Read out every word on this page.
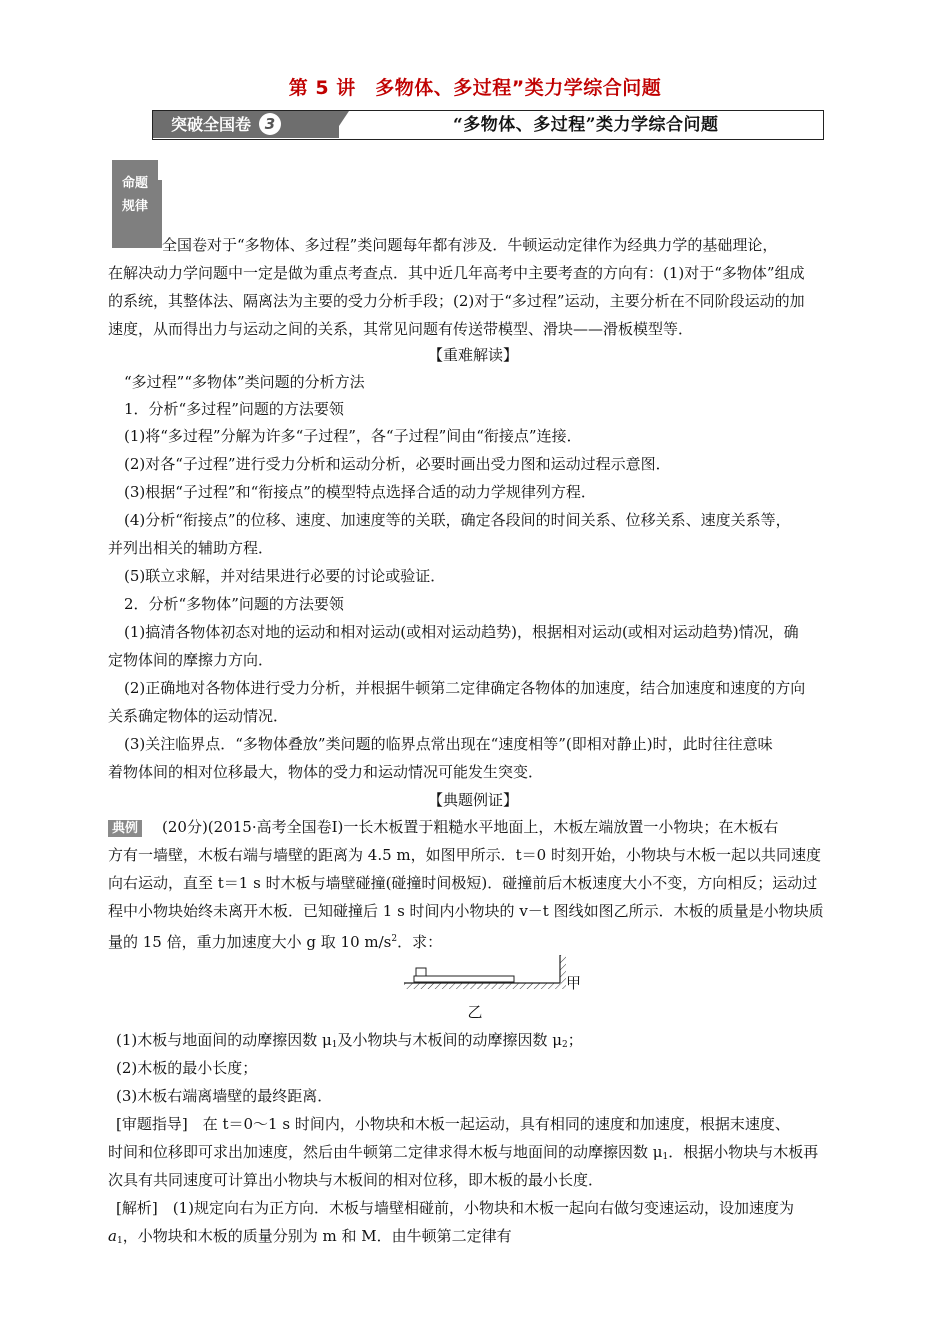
第 5 讲　多物体、多过程”类力学综合问题
突破全国卷 3	“多物体、多过程”类力学综合问题
命题
规律
全国卷对于“多物体、多过程”类问题每年都有涉及．牛顿运动定律作为经典力学的基础理论，
在解决动力学问题中一定是做为重点考查点．其中近几年高考中主要考查的方向有：(1)对于“多物体”组成
的系统，其整体法、隔离法为主要的受力分析手段；(2)对于“多过程”运动，主要分析在不同阶段运动的加
速度，从而得出力与运动之间的关系，其常见问题有传送带模型、滑块——滑板模型等．
【重难解读】
“多过程”“多物体”类问题的分析方法
1．分析“多过程”问题的方法要领
(1)将“多过程”分解为许多“子过程”，各“子过程”间由“衔接点”连接．
(2)对各“子过程”进行受力分析和运动分析，必要时画出受力图和运动过程示意图．
(3)根据“子过程”和“衔接点”的模型特点选择合适的动力学规律列方程．
(4)分析“衔接点”的位移、速度、加速度等的关联，确定各段间的时间关系、位移关系、速度关系等，
并列出相关的辅助方程．
(5)联立求解，并对结果进行必要的讨论或验证．
2．分析“多物体”问题的方法要领
(1)搞清各物体初态对地的运动和相对运动(或相对运动趋势)，根据相对运动(或相对运动趋势)情况，确
定物体间的摩擦力方向．
(2)正确地对各物体进行受力分析，并根据牛顿第二定律确定各物体的加速度，结合加速度和速度的方向
关系确定物体的运动情况．
(3)关注临界点．“多物体叠放”类问题的临界点常出现在“速度相等”(即相对静止)时，此时往往意味
着物体间的相对位移最大，物体的受力和运动情况可能发生突变．
【典题例证】
典例 (20分)(2015·高考全国卷Ⅰ)一长木板置于粗糙水平地面上，木板左端放置一小物块；在木板右
方有一墙壁，木板右端与墙壁的距离为 4.5 m，如图甲所示．t＝0 时刻开始，小物块与木板一起以共同速度
向右运动，直至 t＝1 s 时木板与墙壁碰撞(碰撞时间极短)．碰撞前后木板速度大小不变，方向相反；运动过
程中小物块始终未离开木板．已知碰撞后 1 s 时间内小物块的 v－t 图线如图乙所示．木板的质量是小物块质
量的 15 倍，重力加速度大小 g 取 10 $m/s^2$．求：
甲
乙
(1)木板与地面间的动摩擦因数 $\mu_1$及小物块与木板间的动摩擦因数 $\mu_2$；
(2)木板的最小长度；
(3)木板右端离墙壁的最终距离．
[审题指导]　在 t＝0～1 s 时间内，小物块和木板一起运动，具有相同的速度和加速度，根据末速度、
时间和位移即可求出加速度，然后由牛顿第二定律求得木板与地面间的动摩擦因数 $\mu_1$．根据小物块与木板再
次具有共同速度可计算出小物块与木板间的相对位移，即木板的最小长度．
[解析]　(1)规定向右为正方向．木板与墙壁相碰前，小物块和木板一起向右做匀变速运动，设加速度为
$a_1$，小物块和木板的质量分别为 m 和 M．由牛顿第二定律有
